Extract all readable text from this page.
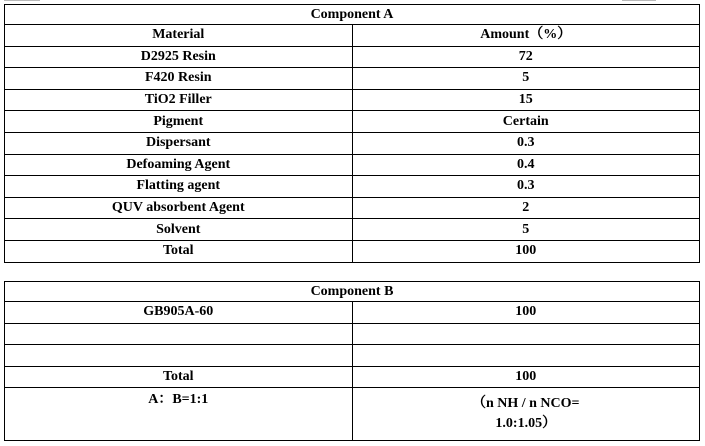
Component A	
Material	Amount（%）
D2925 Resin	72
F420 Resin	5
TiO2 Filler	15
Pigment	Certain
Dispersant	0.3
Defoaming Agent	0.4
Flatting agent	0.3
QUV absorbent Agent	2
Solvent	5
Total	100
Component B	
GB905A-60	100

Total	100
A：B=1:1	（n NH / n NCO= 1.0:1.05）
